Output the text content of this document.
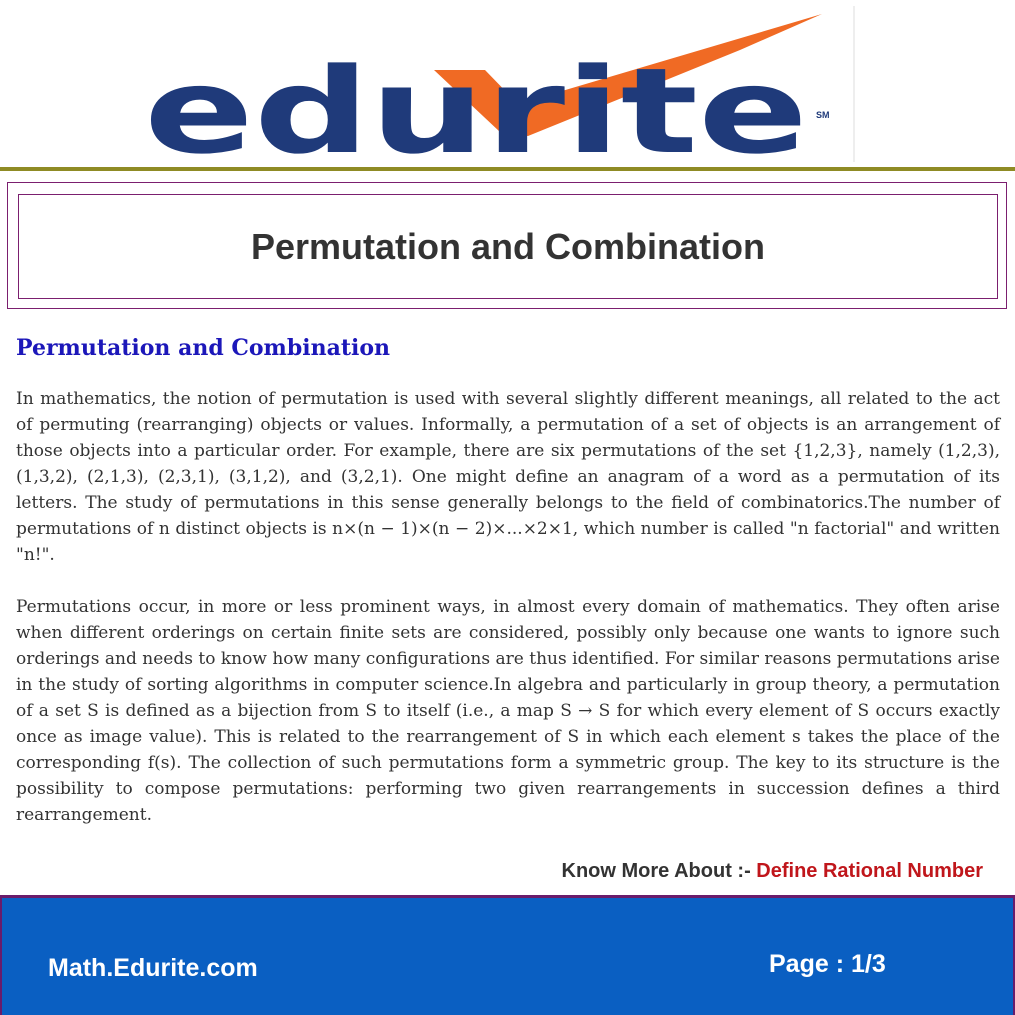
edurite SM
Permutation and Combination
Permutation and Combination

In mathematics, the notion of permutation is used with several slightly different meanings, all related to the act of permuting (rearranging) objects or values. Informally, a permutation of a set of objects is an arrangement of those objects into a particular order. For example, there are six permutations of the set {1,2,3}, namely (1,2,3), (1,3,2), (2,1,3), (2,3,1), (3,1,2), and (3,2,1). One might define an anagram of a word as a permutation of its letters. The study of permutations in this sense generally belongs to the field of combinatorics.The number of permutations of n distinct objects is n×(n − 1)×(n − 2)×...×2×1, which number is called "n factorial" and written "n!".

Permutations occur, in more or less prominent ways, in almost every domain of mathematics. They often arise when different orderings on certain finite sets are considered, possibly only because one wants to ignore such orderings and needs to know how many configurations are thus identified. For similar reasons permutations arise in the study of sorting algorithms in computer science.In algebra and particularly in group theory, a permutation of a set S is defined as a bijection from S to itself (i.e., a map S → S for which every element of S occurs exactly once as image value). This is related to the rearrangement of S in which each element s takes the place of the corresponding f(s). The collection of such permutations form a symmetric group. The key to its structure is the possibility to compose permutations: performing two given rearrangements in succession defines a third rearrangement.

Know More About :- Define Rational Number
Math.Edurite.com	Page : 1/3
